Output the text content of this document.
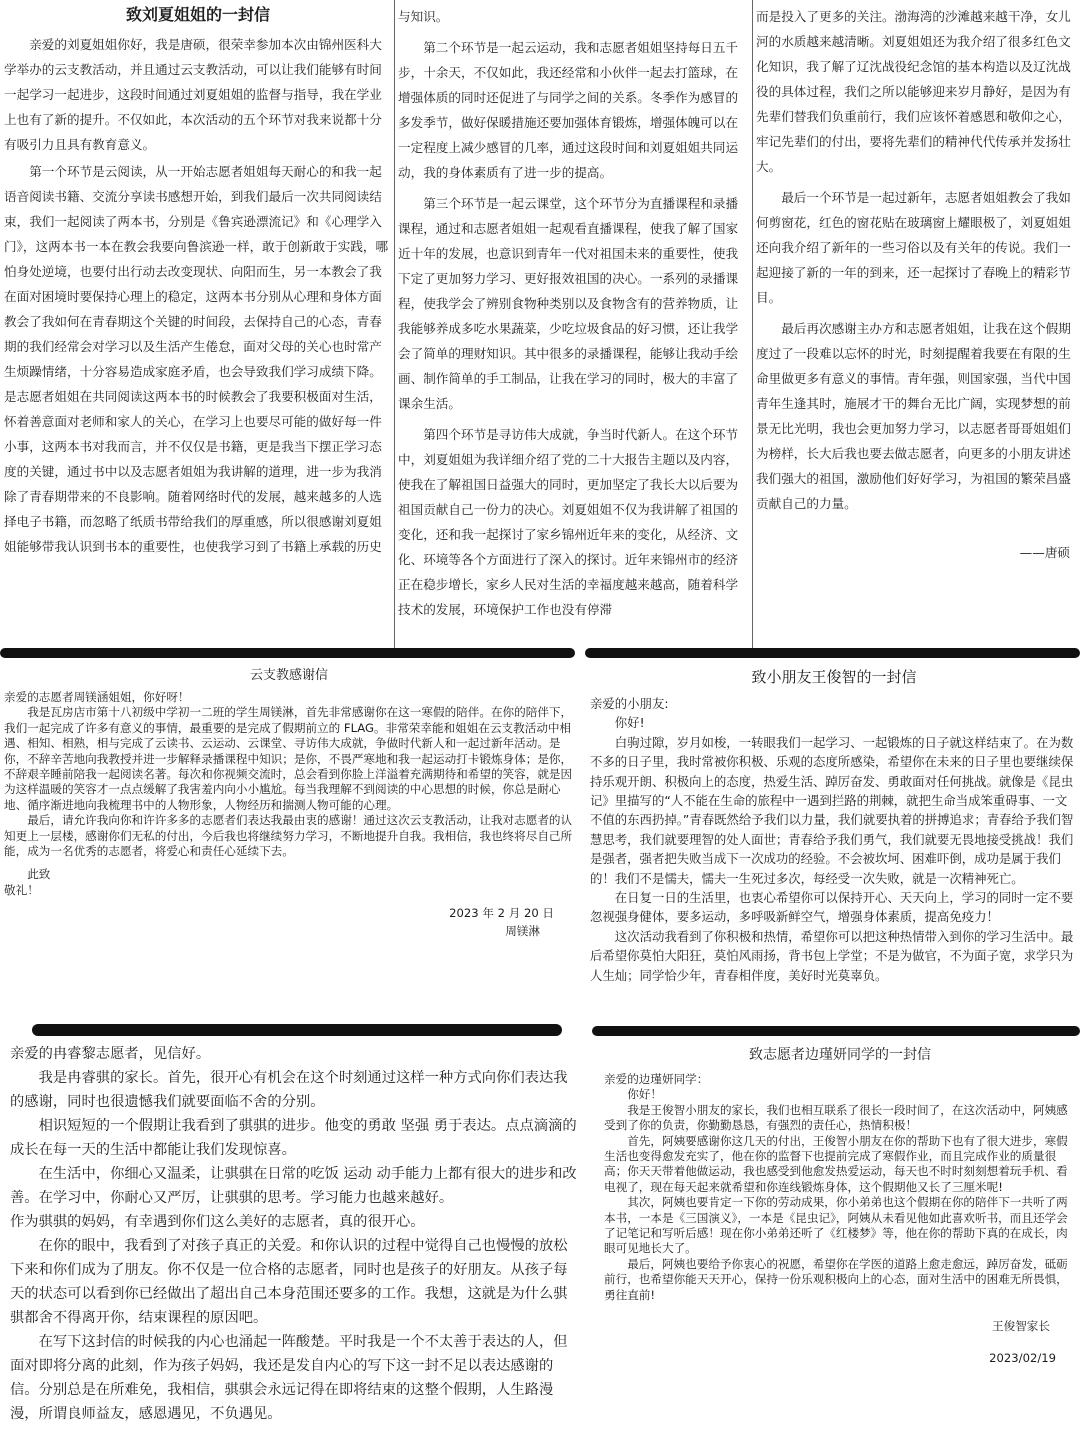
致刘夏姐姐的一封信

亲爱的刘夏姐姐你好，我是唐硕，很荣幸参加本次由锦州医科大学举办的云支教活动，并且通过云支教活动，可以让我们能够有时间一起学习一起进步，这段时间通过刘夏姐姐的监督与指导，我在学业上也有了新的提升。不仅如此，本次活动的五个环节对我来说都十分有吸引力且具有教育意义。

第一个环节是云阅读，从一开始志愿者姐姐每天耐心的和我一起语音阅读书籍、交流分享读书感想开始，到我们最后一次共同阅读结束，我们一起阅读了两本书，分别是《鲁宾逊漂流记》和《心理学入门》，这两本书一本在教会我要向鲁滨逊一样，敢于创新敢于实践，哪怕身处逆境，也要付出行动去改变现状、向阳而生，另一本教会了我在面对困境时要保持心理上的稳定，这两本书分别从心理和身体方面教会了我如何在青春期这个关键的时间段，去保持自己的心态，青春期的我们经常会对学习以及生活产生倦怠，面对父母的关心也时常产生烦躁情绪，十分容易造成家庭矛盾，也会导致我们学习成绩下降。是志愿者姐姐在共同阅读这两本书的时候教会了我要积极面对生活，怀着善意面对老师和家人的关心，在学习上也要尽可能的做好每一件小事，这两本书对我而言，并不仅仅是书籍，更是我当下摆正学习态度的关键，通过书中以及志愿者姐姐为我讲解的道理，进一步为我消除了青春期带来的不良影响。随着网络时代的发展，越来越多的人选择电子书籍，而忽略了纸质书带给我们的厚重感，所以很感谢刘夏姐姐能够带我认识到书本的重要性，也使我学习到了书籍上承载的历史

与知识。

第二个环节是一起云运动，我和志愿者姐姐坚持每日五千步，十余天，不仅如此，我还经常和小伙伴一起去打篮球，在增强体质的同时还促进了与同学之间的关系。冬季作为感冒的多发季节，做好保暖措施还要加强体育锻炼，增强体魄可以在一定程度上减少感冒的几率，通过这段时间和刘夏姐姐共同运动，我的身体素质有了进一步的提高。

第三个环节是一起云课堂，这个环节分为直播课程和录播课程，通过和志愿者姐姐一起观看直播课程，使我了解了国家近十年的发展，也意识到青年一代对祖国未来的重要性，使我下定了更加努力学习、更好报效祖国的决心。一系列的录播课程，使我学会了辨别食物种类别以及食物含有的营养物质，让我能够养成多吃水果蔬菜，少吃垃圾食品的好习惯，还让我学会了简单的理财知识。其中很多的录播课程，能够让我动手绘画、制作简单的手工制品，让我在学习的同时，极大的丰富了课余生活。

第四个环节是寻访伟大成就，争当时代新人。在这个环节中，刘夏姐姐为我详细介绍了党的二十大报告主题以及内容，使我在了解祖国日益强大的同时，更加坚定了我长大以后要为祖国贡献自己一份力的决心。刘夏姐姐不仅为我讲解了祖国的变化，还和我一起探讨了家乡锦州近年来的变化，从经济、文化、环境等各个方面进行了深入的探讨。近年来锦州市的经济正在稳步增长，家乡人民对生活的幸福度越来越高，随着科学技术的发展，环境保护工作也没有停滞

而是投入了更多的关注。渤海湾的沙滩越来越干净，女儿河的水质越来越清晰。刘夏姐姐还为我介绍了很多红色文化知识，我了解了辽沈战役纪念馆的基本构造以及辽沈战役的具体过程，我们之所以能够迎来岁月静好，是因为有先辈们替我们负重前行，我们应该怀着感恩和敬仰之心，牢记先辈们的付出，要将先辈们的精神代代传承并发扬壮大。

最后一个环节是一起过新年，志愿者姐姐教会了我如何剪窗花，红色的窗花贴在玻璃窗上耀眼极了，刘夏姐姐还向我介绍了新年的一些习俗以及有关年的传说。我们一起迎接了新的一年的到来，还一起探讨了春晚上的精彩节目。

最后再次感谢主办方和志愿者姐姐，让我在这个假期度过了一段难以忘怀的时光，时刻提醒着我要在有限的生命里做更多有意义的事情。青年强，则国家强，当代中国青年生逢其时，施展才干的舞台无比广阔，实现梦想的前景无比光明，我也会更加努力学习，以志愿者哥哥姐姐们为榜样，长大后我也要去做志愿者，向更多的小朋友讲述我们强大的祖国，激励他们好好学习，为祖国的繁荣昌盛贡献自己的力量。

——唐硕

云支教感谢信

亲爱的志愿者周镁涵姐姐，你好呀！

我是瓦房店市第十八初级中学初一二班的学生周镁淋，首先非常感谢你在这一寒假的陪伴。在你的陪伴下，我们一起完成了许多有意义的事情，最重要的是完成了假期前立的 FLAG。非常荣幸能和姐姐在云支教活动中相遇、相知、相熟，相与完成了云读书、云运动、云课堂、寻访伟大成就，争做时代新人和一起过新年活动。是你，不辞辛苦地向我教授并进一步解释录播课程中知识；是你，不畏严寒地和我一起运动打卡锻炼身体；是你，不辞艰辛睡前陪我一起阅读名著。每次和你视频交流时，总会看到你脸上洋溢着充满期待和希望的笑容，就是因为这样温暖的笑容才一点点缓解了我害羞内向小小尴尬。每当我理解不到阅读的中心思想的时候，你总是耐心地、循序渐进地向我梳理书中的人物形象，人物经历和揣测人物可能的心理。

最后，请允许我向你和许许多多的志愿者们表达我最由衷的感谢！通过这次云支教活动，让我对志愿者的认知更上一层楼，感谢你们无私的付出，今后我也将继续努力学习，不断地提升自我。我相信，我也终将尽自己所能，成为一名优秀的志愿者，将爱心和责任心延续下去。

此致

敬礼！

2023 年 2 月 20 日

周镁淋

致小朋友王俊智的一封信

亲爱的小朋友:

你好!

白驹过隙，岁月如梭，一转眼我们一起学习、一起锻炼的日子就这样结束了。在为数不多的日子里，我时常被你积极、乐观的态度所感染，希望你在未来的日子里也要继续保持乐观开朗、积极向上的态度，热爱生活、踔厉奋发、勇敢面对任何挑战。就像是《昆虫记》里描写的“人不能在生命的旅程中一遇到拦路的荆棘，就把生命当成笨重碍事、一文不值的东西扔掉。”青春既然给予我们以力量，我们就要执着的拼搏追求；青春给予我们智慧思考，我们就要理智的处人面世；青春给予我们勇气，我们就要无畏地接受挑战！我们是强者，强者把失败当成下一次成功的经验。不会被坎坷、困难吓倒，成功是属于我们的！我们不是懦夫，懦夫一生死过多次，每经受一次失败，就是一次精神死亡。

在日复一日的生活里，也衷心希望你可以保持开心、天天向上，学习的同时一定不要忽视强身健体，要多运动，多呼吸新鲜空气，增强身体素质，提高免疫力！

这次活动我看到了你积极和热情，希望你可以把这种热情带入到你的学习生活中。最后希望你莫怕大阳狂，莫怕风雨扬，背书包上学堂；不是为做官，不为面子宽，求学只为人生灿；同学恰少年，青春相伴度，美好时光莫辜负。

亲爱的冉睿黎志愿者，见信好。

我是冉睿骐的家长。首先，很开心有机会在这个时刻通过这样一种方式向你们表达我的感谢，同时也很遗憾我们就要面临不舍的分别。

相识短短的一个假期让我看到了骐骐的进步。他变的勇敢 坚强 勇于表达。点点滴滴的成长在每一天的生活中都能让我们发现惊喜。

在生活中，你细心又温柔，让骐骐在日常的吃饭 运动 动手能力上都有很大的进步和改善。在学习中，你耐心又严厉，让骐骐的思考。学习能力也越来越好。

作为骐骐的妈妈，有幸遇到你们这么美好的志愿者，真的很开心。

在你的眼中，我看到了对孩子真正的关爱。和你认识的过程中觉得自己也慢慢的放松下来和你们成为了朋友。你不仅是一位合格的志愿者，同时也是孩子的好朋友。从孩子每天的状态可以看到你已经做出了超出自己本身范围还要多的工作。我想，这就是为什么骐骐都舍不得离开你，结束课程的原因吧。

在写下这封信的时候我的内心也涌起一阵酸楚。平时我是一个不太善于表达的人，但面对即将分离的此刻，作为孩子妈妈，我还是发自内心的写下这一封不足以表达感谢的信。分别总是在所难免，我相信，骐骐会永远记得在即将结束的这整个假期，人生路漫漫，所谓良师益友，感恩遇见，不负遇见。

致志愿者边瑾妍同学的一封信

亲爱的边瑾妍同学：

你好！

我是王俊智小朋友的家长，我们也相互联系了很长一段时间了，在这次活动中，阿姨感受到了你的负责，你勤勤恳恳，有强烈的责任心，热情积极！

首先，阿姨要感谢你这几天的付出，王俊智小朋友在你的帮助下也有了很大进步，寒假生活也变得愈发充实了，他在你的监督下也提前完成了寒假作业，而且完成作业的质量很高；你天天带着他做运动，我也感受到他愈发热爱运动，每天也不时时刻刻想着玩手机、看电视了，现在每天起来就希望和你连线锻炼身体，这个假期他又长了三厘米呢!

其次，阿姨也要肯定一下你的劳动成果，你小弟弟也这个假期在你的陪伴下一共听了两本书，一本是《三国演义》，一本是《昆虫记》，阿姨从未看见他如此喜欢听书，而且还学会了记笔记和写听后感！现在你小弟弟还听了《红楼梦》等，他在你的帮助下真的在成长，肉眼可见地长大了。

最后，阿姨也要给予你衷心的祝愿，希望你在学医的道路上愈走愈远，踔厉奋发，砥砺前行，也希望你能天天开心，保持一份乐观积极向上的心态，面对生活中的困难无所畏惧，勇往直前!

王俊智家长

2023/02/19
